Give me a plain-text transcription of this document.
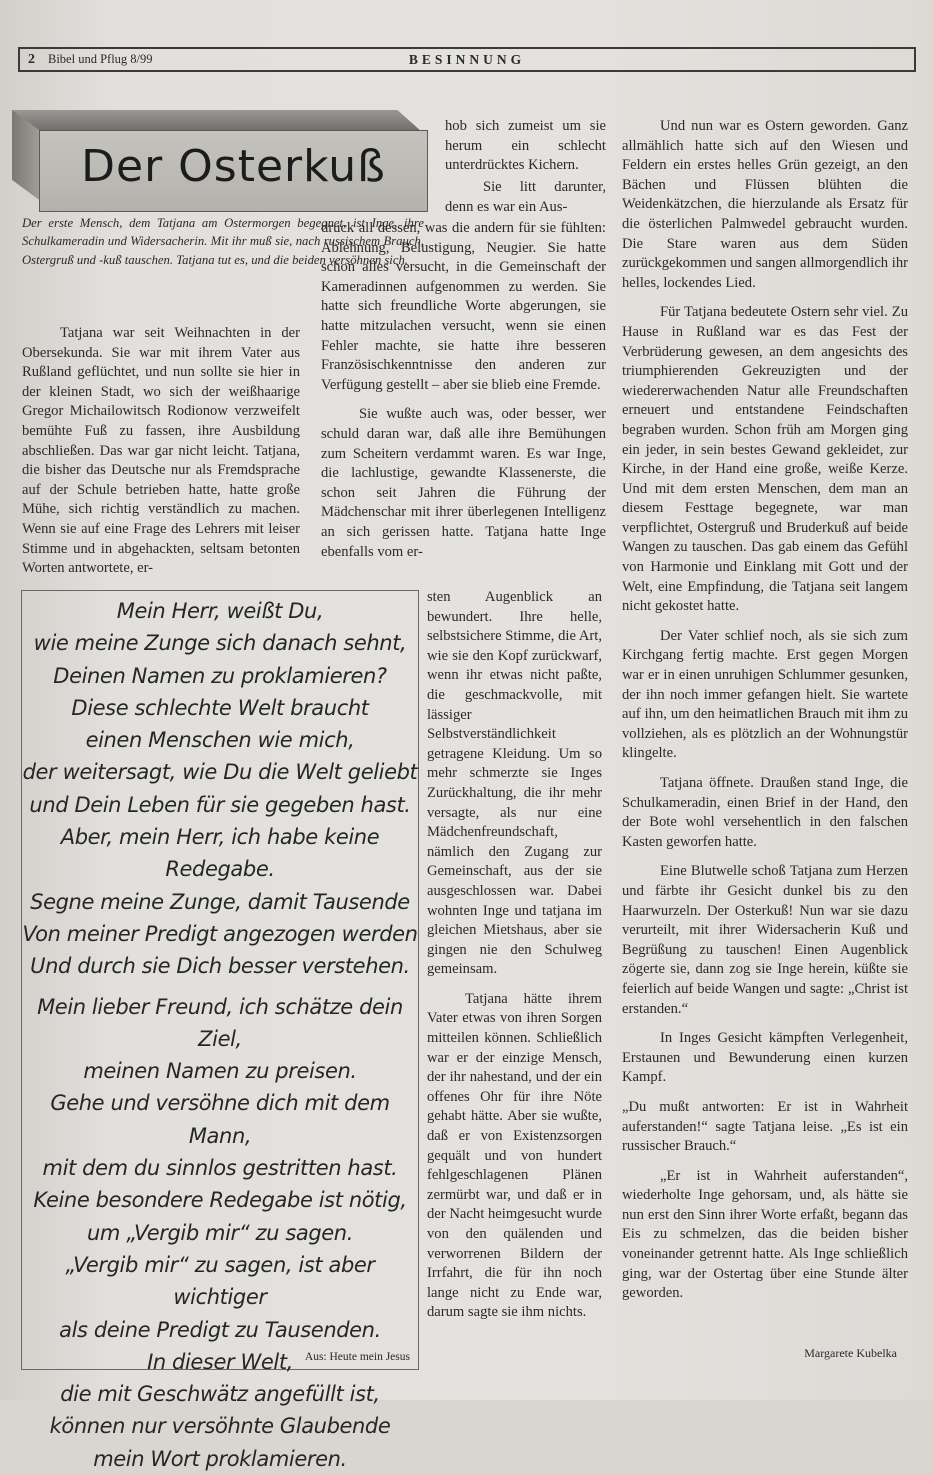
2 Bibel und Pflug 8/99	BESINNUNG
Der Osterkuß
Der erste Mensch, dem Tatjana am Ostermorgen begegnet, ist Inge, ihre Schulkameradin und Widersacherin. Mit ihr muß sie, nach russischem Brauch, Ostergruß und -kuß tauschen. Tatjana tut es, und die beiden versöhnen sich.

Tatjana war seit Weihnachten in der Obersekunda. Sie war mit ihrem Vater aus Rußland geflüchtet, und nun sollte sie hier in der kleinen Stadt, wo sich der weißhaarige Gregor Michailowitsch Rodionow verzweifelt bemühte Fuß zu fassen, ihre Ausbildung abschließen. Das war gar nicht leicht. Tatjana, die bisher das Deutsche nur als Fremdsprache auf der Schule betrieben hatte, hatte große Mühe, sich richtig verständlich zu machen. Wenn sie auf eine Frage des Lehrers mit leiser Stimme und in abgehackten, seltsam betonten Worten antwortete, er-

hob sich zumeist um sie herum ein schlecht unterdrücktes Kichern.

Sie litt darunter, denn es war ein Aus-

druck all dessen, was die andern für sie fühlten: Ablehnung, Belustigung, Neugier. Sie hatte schon alles versucht, in die Gemeinschaft der Kameradinnen aufgenommen zu werden. Sie hatte sich freundliche Worte abgerungen, sie hatte mitzulachen versucht, wenn sie einen Fehler machte, sie hatte ihre besseren Französischkenntnisse den anderen zur Verfügung gestellt – aber sie blieb eine Fremde.

Sie wußte auch was, oder besser, wer schuld daran war, daß alle ihre Bemühungen zum Scheitern verdammt waren. Es war Inge, die lachlustige, gewandte Klassenerste, die schon seit Jahren die Führung der Mädchenschar mit ihrer überlegenen Intelligenz an sich gerissen hatte. Tatjana hatte Inge ebenfalls vom er-

sten Augenblick an bewundert. Ihre helle, selbstsichere Stimme, die Art, wie sie den Kopf zurückwarf, wenn ihr etwas nicht paßte, die geschmackvolle, mit lässiger Selbstverständlichkeit getragene Kleidung. Um so mehr schmerzte sie Inges Zurückhaltung, die ihr mehr versagte, als nur eine Mädchenfreundschaft, nämlich den Zugang zur Gemeinschaft, aus der sie ausgeschlossen war. Dabei wohnten Inge und tatjana im gleichen Mietshaus, aber sie gingen nie den Schulweg gemeinsam.

Tatjana hätte ihrem Vater etwas von ihren Sorgen mitteilen können. Schließlich war er der einzige Mensch, der ihr nahestand, und der ein offenes Ohr für ihre Nöte gehabt hätte. Aber sie wußte, daß er von Existenzsorgen gequält und von hundert fehlgeschlagenen Plänen zermürbt war, und daß er in der Nacht heimgesucht wurde von den quälenden und verworrenen Bildern der Irrfahrt, die für ihn noch lange nicht zu Ende war, darum sagte sie ihm nichts.

Und nun war es Ostern geworden. Ganz allmählich hatte sich auf den Wiesen und Feldern ein erstes helles Grün gezeigt, an den Bächen und Flüssen blühten die Weidenkätzchen, die hierzulande als Ersatz für die österlichen Palmwedel gebraucht wurden. Die Stare waren aus dem Süden zurückgekommen und sangen allmorgendlich ihr helles, lockendes Lied.

Für Tatjana bedeutete Ostern sehr viel. Zu Hause in Rußland war es das Fest der Verbrüderung gewesen, an dem angesichts des triumphierenden Gekreuzigten und der wiedererwachenden Natur alle Freundschaften erneuert und entstandene Feindschaften begraben wurden. Schon früh am Morgen ging ein jeder, in sein bestes Gewand gekleidet, zur Kirche, in der Hand eine große, weiße Kerze. Und mit dem ersten Menschen, dem man an diesem Festtage begegnete, war man verpflichtet, Ostergruß und Bruderkuß auf beide Wangen zu tauschen. Das gab einem das Gefühl von Harmonie und Einklang mit Gott und der Welt, eine Empfindung, die Tatjana seit langem nicht gekostet hatte.

Der Vater schlief noch, als sie sich zum Kirchgang fertig machte. Erst gegen Morgen war er in einen unruhigen Schlummer gesunken, der ihn noch immer gefangen hielt. Sie wartete auf ihn, um den heimatlichen Brauch mit ihm zu vollziehen, als es plötzlich an der Wohnungstür klingelte.

Tatjana öffnete. Draußen stand Inge, die Schulkameradin, einen Brief in der Hand, den der Bote wohl versehentlich in den falschen Kasten geworfen hatte.

Eine Blutwelle schoß Tatjana zum Herzen und färbte ihr Gesicht dunkel bis zu den Haarwurzeln. Der Osterkuß! Nun war sie dazu verurteilt, mit ihrer Widersacherin Kuß und Begrüßung zu tauschen! Einen Augenblick zögerte sie, dann zog sie Inge herein, küßte sie feierlich auf beide Wangen und sagte: „Christ ist erstanden.“

In Inges Gesicht kämpften Verlegenheit, Erstaunen und Bewunderung einen kurzen Kampf.

„Du mußt antworten: Er ist in Wahrheit auferstanden!“ sagte Tatjana leise. „Es ist ein russischer Brauch.“

„Er ist in Wahrheit auferstanden“, wiederholte Inge gehorsam, und, als hätte sie nun erst den Sinn ihrer Worte erfaßt, begann das Eis zu schmelzen, das die beiden bisher voneinander getrennt hatte. Als Inge schließlich ging, war der Ostertag über eine Stunde älter geworden.

Margarete Kubelka
Mein Herr, weißt Du,
wie meine Zunge sich danach sehnt,
Deinen Namen zu proklamieren?
Diese schlechte Welt braucht
einen Menschen wie mich,
der weitersagt, wie Du die Welt geliebt
und Dein Leben für sie gegeben hast.
Aber, mein Herr, ich habe keine Redegabe.
Segne meine Zunge, damit Tausende
Von meiner Predigt angezogen werden
Und durch sie Dich besser verstehen.
Mein lieber Freund, ich schätze dein Ziel,
meinen Namen zu preisen.
Gehe und versöhne dich mit dem Mann,
mit dem du sinnlos gestritten hast.
Keine besondere Redegabe ist nötig,
um „Vergib mir“ zu sagen.
„Vergib mir“ zu sagen, ist aber wichtiger
als deine Predigt zu Tausenden.
In dieser Welt,
die mit Geschwätz angefüllt ist,
können nur versöhnte Glaubende
mein Wort proklamieren.
Aus: Heute mein Jesus
